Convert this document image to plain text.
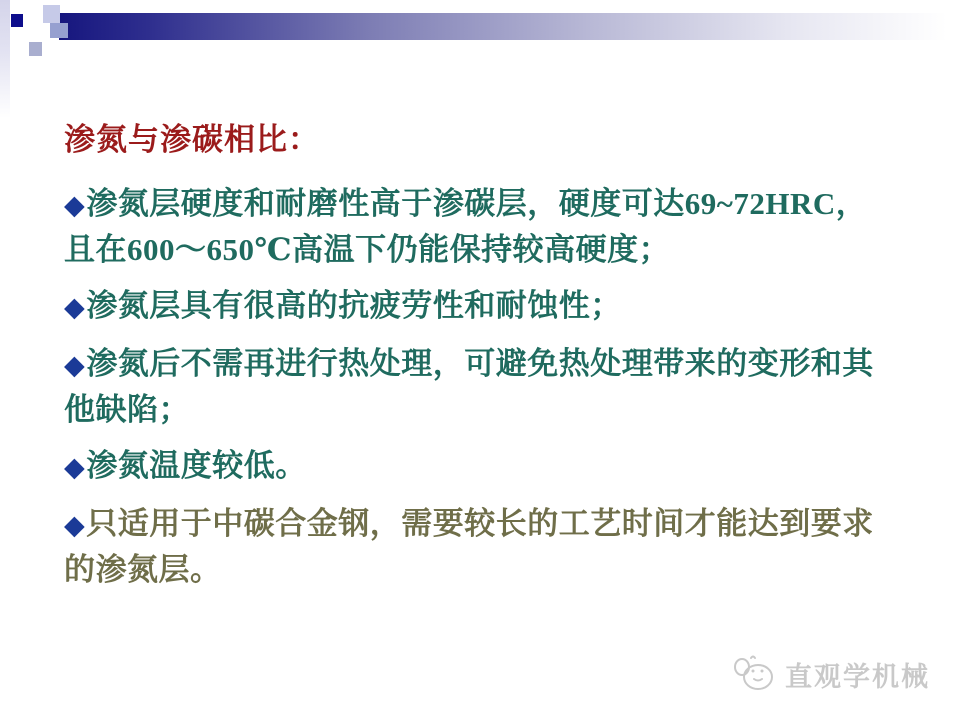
渗氮与渗碳相比：

◆渗氮层硬度和耐磨性高于渗碳层，硬度可达69~72HRC，
且在600～650℃高温下仍能保持较高硬度；

◆渗氮层具有很高的抗疲劳性和耐蚀性；

◆渗氮后不需再进行热处理，可避免热处理带来的变形和其
他缺陷；

◆渗氮温度较低。

◆只适用于中碳合金钢，需要较长的工艺时间才能达到要求
的渗氮层。

直观学机械
